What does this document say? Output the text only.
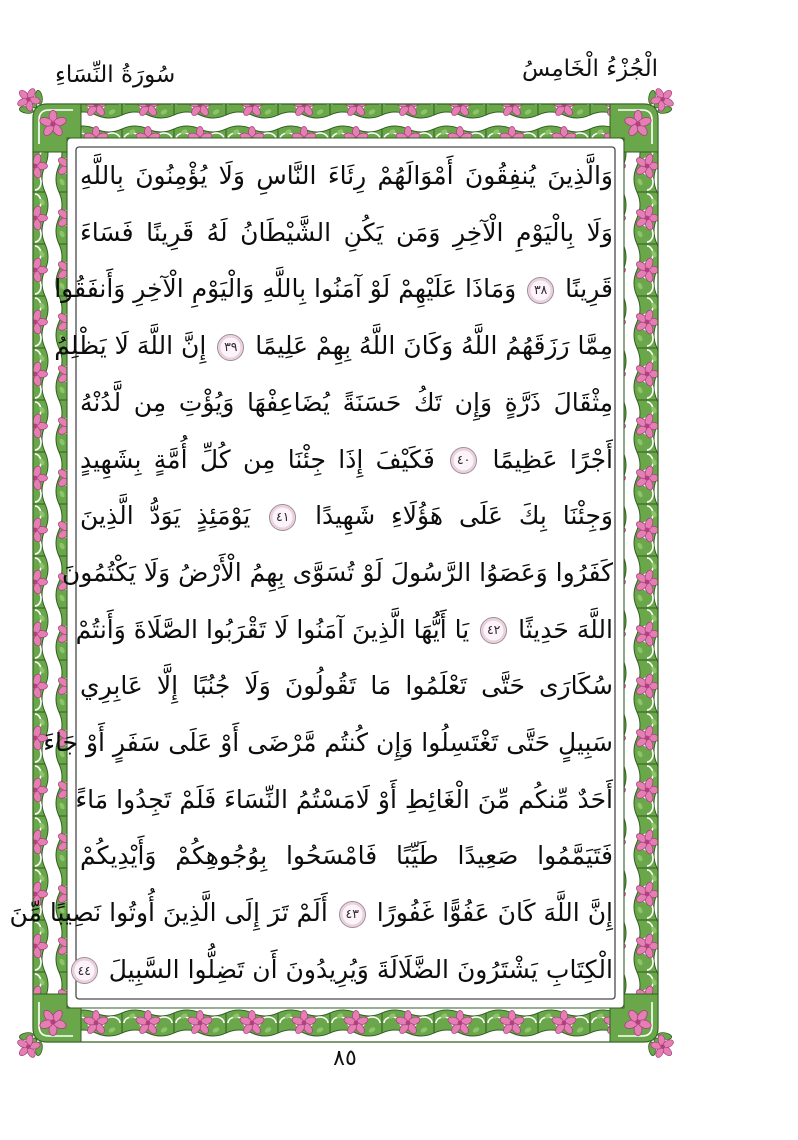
الْجُزْءُ الْخَامِسُ
سُورَةُ النِّسَاءِ
وَالَّذِينَ يُنفِقُونَ أَمْوَالَهُمْ رِئَاءَ النَّاسِ وَلَا يُؤْمِنُونَ بِاللَّهِ
وَلَا بِالْيَوْمِ الْآخِرِ وَمَن يَكُنِ الشَّيْطَانُ لَهُ قَرِينًا فَسَاءَ
قَرِينًا ٣٨ وَمَاذَا عَلَيْهِمْ لَوْ آمَنُوا بِاللَّهِ وَالْيَوْمِ الْآخِرِ وَأَنفَقُوا
مِمَّا رَزَقَهُمُ اللَّهُ وَكَانَ اللَّهُ بِهِمْ عَلِيمًا ٣٩ إِنَّ اللَّهَ لَا يَظْلِمُ
مِثْقَالَ ذَرَّةٍ وَإِن تَكُ حَسَنَةً يُضَاعِفْهَا وَيُؤْتِ مِن لَّدُنْهُ
أَجْرًا عَظِيمًا ٤٠ فَكَيْفَ إِذَا جِئْنَا مِن كُلِّ أُمَّةٍ بِشَهِيدٍ
وَجِئْنَا بِكَ عَلَى هَؤُلَاءِ شَهِيدًا ٤١ يَوْمَئِذٍ يَوَدُّ الَّذِينَ
كَفَرُوا وَعَصَوُا الرَّسُولَ لَوْ تُسَوَّى بِهِمُ الْأَرْضُ وَلَا يَكْتُمُونَ
اللَّهَ حَدِيثًا ٤٢ يَا أَيُّهَا الَّذِينَ آمَنُوا لَا تَقْرَبُوا الصَّلَاةَ وَأَنتُمْ
سُكَارَى حَتَّى تَعْلَمُوا مَا تَقُولُونَ وَلَا جُنُبًا إِلَّا عَابِرِي
سَبِيلٍ حَتَّى تَغْتَسِلُوا وَإِن كُنتُم مَّرْضَى أَوْ عَلَى سَفَرٍ أَوْ جَاءَ
أَحَدٌ مِّنكُم مِّنَ الْغَائِطِ أَوْ لَامَسْتُمُ النِّسَاءَ فَلَمْ تَجِدُوا مَاءً
فَتَيَمَّمُوا صَعِيدًا طَيِّبًا فَامْسَحُوا بِوُجُوهِكُمْ وَأَيْدِيكُمْ
إِنَّ اللَّهَ كَانَ عَفُوًّا غَفُورًا ٤٣ أَلَمْ تَرَ إِلَى الَّذِينَ أُوتُوا نَصِيبًا مِّنَ
الْكِتَابِ يَشْتَرُونَ الضَّلَالَةَ وَيُرِيدُونَ أَن تَضِلُّوا السَّبِيلَ ٤٤
٨٥
